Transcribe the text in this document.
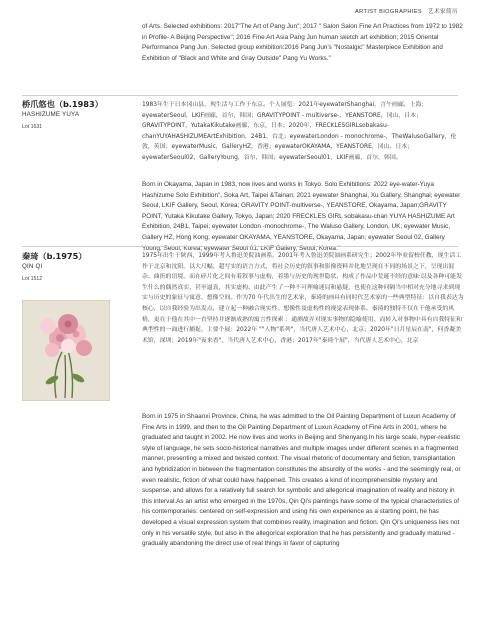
ARTIST BIOGRAPHIES 艺术家简历

of Arts. Selected exhibitions: 2017"The Art of Pang Jun"; 2017 " Salon Salon Fine Art Practices from 1972 to 1982 in Profile- A Beijing Perspective"; 2016 Fine Art Asia Pang Jun human sketch art exhibition; 2015 Oriental Performance Pang Jun. Selected group exhibition:2016 Pang Jun's "Nostalgic" Masterpiece Exhibition and Exhibition of "Black and White and Gray Outside" Pang Yu Works."

桥爪悠也（b.1983）
HASHIZUME YUYA
Lot 1631

1983年生于日本冈山县，现生活与工作于东京。个人展览：2021年eyewaterShanghai，言午画廊，上海；eyewaterSeoul，LKIF画廊，首尔，韩国；GRAVITYPOINT - multiverse-，YEANSTORE，冈山，日本；GRAVITYPOINT，YutakaKikutake画廊，东京，日本；2020年，FRECKLESGIRLsobakasu-chanYUYAHASHIZUMEArtExhibition，24B1，台北；eyewaterLondon - monochrome-，TheWalusoGallery，伦敦，英国；eyewaterMusic，GalleryHZ，香港；eyewaterOKAYAMA，YEANSTORE，冈山，日本；eyewaterSeoul02，GalleryYoung，首尔，韩国；eyewaterSeoul01，LKIF画廊，首尔，韩国。

Born in Okayama, Japan in 1983, now lives and works in Tokyo. Solo Exhibitions: 2022 eye-water-Yuya Hashizume Solo Exhibition", Soka Art, Taipei &Tainan; 2021 eyewater Shanghai, Xu Gallery, Shanghai; eyewater Seoul, LKIF Gallery, Seoul, Korea; GRAVITY POINT-multiverse-, YEANSTORE, Okayama, Japan;GRAVITY POINT, Yutaka Kikutake Gallery, Tokyo, Japan; 2020 FRECKLES GIRL sobakasu-chan YUYA HASHIZUME Art Exhibition, 24B1, Taipei; eyewater London -monochrome-, The Waluso Gallery, London, UK; eyewater Music, Gallery HZ, Hong Kong; eyewater OKAYAMA, YEANSTORE, Okayama, Japan; eyewater Seoul 02, Gallery Young, Seoul, Korea; eyewater Seoul 01, LKIF Gallery, Seoul, Korea."

秦琦（b.1975）
QIN QI
Lot 1512

1975年出生于陕西，1999年考入鲁迅美院油画系，2001年考入鲁迅美院油画系研究生；2002年毕业留校任教，现生活工作于北京和沈阳。以大尺幅、超写实的语言方式，将社会历史的叙事和影像资料并化地呈现在不同的场景之下，呈现出混杂、曲折的语境。而在碎片化之间有着叙事与虚构，着墨与历史的现世隐状，构成了作品中荒诞不经的意味·以及各种可能发生什么的偶然真实、甚至逼真，其实虚构。由此产生了一种不可理喻迷局和悬疑，也使在这种问隔当中相对充分地寻求到现实与历史的象征与寓意、想像空间。作为70 年代出生的艺术家，秦琦的画具有同时代艺术家的一些典型特征：以自我表达为核心，以自我经验为出发点，建立起一种融合现实性、想像性及虚构性的视觉表现体系。秦琦的独特不仅在于他承受的风格，更在于他在其中一直坚持并逐渐成熟的寓言性探索 ：通测故弄对现实事物的隐喻使用、而转入对事物中具有自我特征和典型性的一面进行捕捉。主要个展：2022年 ""人物"系列"，当代唐人艺术中心，北京；2020年"日月星辰在南"，何香凝美术馆，深圳；2019年"夜来香"，当代唐人艺术中心，香港；2017年"秦琦个展"，当代唐人艺术中心，北京

Born in 1975 in Shaanxi Province, China, he was admitted to the Oil Painting Department of Luxun Academy of Fine Arts in 1999, and then to the Oil Painting Department of Luxun Academy of Fine Arts in 2001, where he graduated and taught in 2002. He now lives and works in Beijing and Shenyang.In his large scale, hyper-realistic style of language, he sets socio-historical narratives and multiple images under different scenes in a fragmented manner, presenting a mixed and twisted context. The visual rhetoric of documentary and fiction, transplantation and hybridization in between the fragmentation constitutes the absurdity of the works - and the seemingly real, or even realistic, fiction of what could have happened. This creates a kind of incomprehensible mystery and suspense, and allows for a relatively full search for symbolic and allegorical imagination of reality and history in this interval.As an artist who emerged in the 1970s, Qin Qi's paintings have some of the typical characteristics of his contemporaries: centered on self-expression and using his own experience as a starting point, he has developed a visual expression system that combines reality, imagination and fiction. Qin Qi's uniqueness lies not only in his versatile style, but also in the allegorical exploration that he has persistently and gradually matured - gradually abandoning the direct use of real things in favor of capturing
